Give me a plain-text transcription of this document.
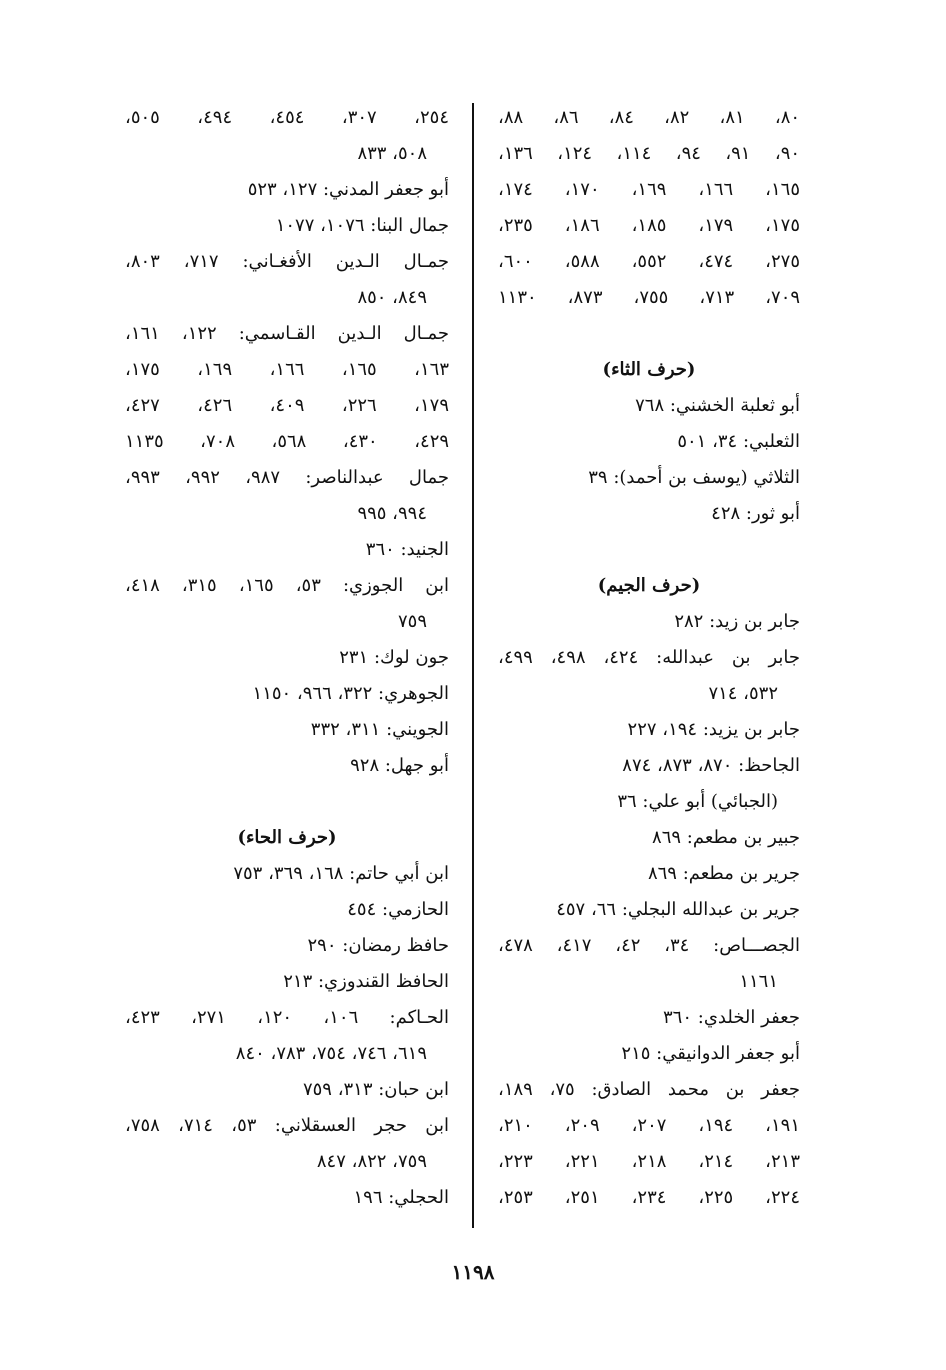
٨٠، ٨١، ٨٢، ٨٤، ٨٦، ٨٨،
٩٠، ٩١، ٩٤، ١١٤، ١٢٤، ١٣٦،
١٦٥، ١٦٦، ١٦٩، ١٧٠، ١٧٤،
١٧٥، ١٧٩، ١٨٥، ١٨٦، ٢٣٥،
٢٧٥، ٤٧٤، ٥٥٢، ٥٨٨، ٦٠٠،
٧٠٩، ٧١٣، ٧٥٥، ٨٧٣، ١١٣٠
(حرف الثاء)
أبو ثعلبة الخشني: ٧٦٨
الثعلبي: ٣٤، ٥٠١
الثلاثي (يوسف بن أحمد): ٣٩
أبو ثور: ٤٢٨
(حرف الجيم)
جابر بن زيد: ٢٨٢
جابر بن عبدالله: ٤٢٤، ٤٩٨، ٤٩٩،
٥٣٢، ٧١٤
جابر بن يزيد: ١٩٤، ٢٢٧
الجاحظ: ٨٧٠، ٨٧٣، ٨٧٤
(الجبائي) أبو علي: ٣٦
جبير بن مطعم: ٨٦٩
جرير بن مطعم: ٨٦٩
جرير بن عبدالله البجلي: ٦٦، ٤٥٧
الجصـــاص: ٣٤، ٤٢، ٤١٧، ٤٧٨،
١١٦١
جعفر الخلدي: ٣٦٠
أبو جعفر الدوانيقي: ٢١٥
جعفر بن محمد الصادق: ٧٥، ١٨٩،
١٩١، ١٩٤، ٢٠٧، ٢٠٩، ٢١٠،
٢١٣، ٢١٤، ٢١٨، ٢٢١، ٢٢٣،
٢٢٤، ٢٢٥، ٢٣٤، ٢٥١، ٢٥٣،
٢٥٤، ٣٠٧، ٤٥٤، ٤٩٤، ٥٠٥،
٥٠٨، ٨٣٣
أبو جعفر المدني: ١٢٧، ٥٢٣
جمال البنا: ١٠٧٦، ١٠٧٧
جمـال الـدين الأفغـاني: ٧١٧، ٨٠٣،
٨٤٩، ٨٥٠
جمـال الـدين القـاسمي: ١٢٢، ١٦١،
١٦٣، ١٦٥، ١٦٦، ١٦٩، ١٧٥،
١٧٩، ٢٢٦، ٤٠٩، ٤٢٦، ٤٢٧،
٤٢٩، ٤٣٠، ٥٦٨، ٧٠٨، ١١٣٥
جمال عبدالناصر: ٩٨٧، ٩٩٢، ٩٩٣،
٩٩٤، ٩٩٥
الجنيد: ٣٦٠
ابن الجوزي: ٥٣، ١٦٥، ٣١٥، ٤١٨،
٧٥٩
جون لوك: ٢٣١
الجوهري: ٣٢٢، ٩٦٦، ١١٥٠
الجويني: ٣١١، ٣٣٢
أبو جهل: ٩٢٨
(حرف الحاء)
ابن أبي حاتم: ١٦٨، ٣٦٩، ٧٥٣
الحازمي: ٤٥٤
حافظ رمضان: ٢٩٠
الحافظ القندوزي: ٢١٣
الحـاكم: ١٠٦، ١٢٠، ٢٧١، ٤٢٣،
٦١٩، ٧٤٦، ٧٥٤، ٧٨٣، ٨٤٠
ابن حبان: ٣١٣، ٧٥٩
ابن حجر العسقلاني: ٥٣، ٧١٤، ٧٥٨،
٧٥٩، ٨٢٢، ٨٤٧
الحجلي: ١٩٦
١١٩٨
